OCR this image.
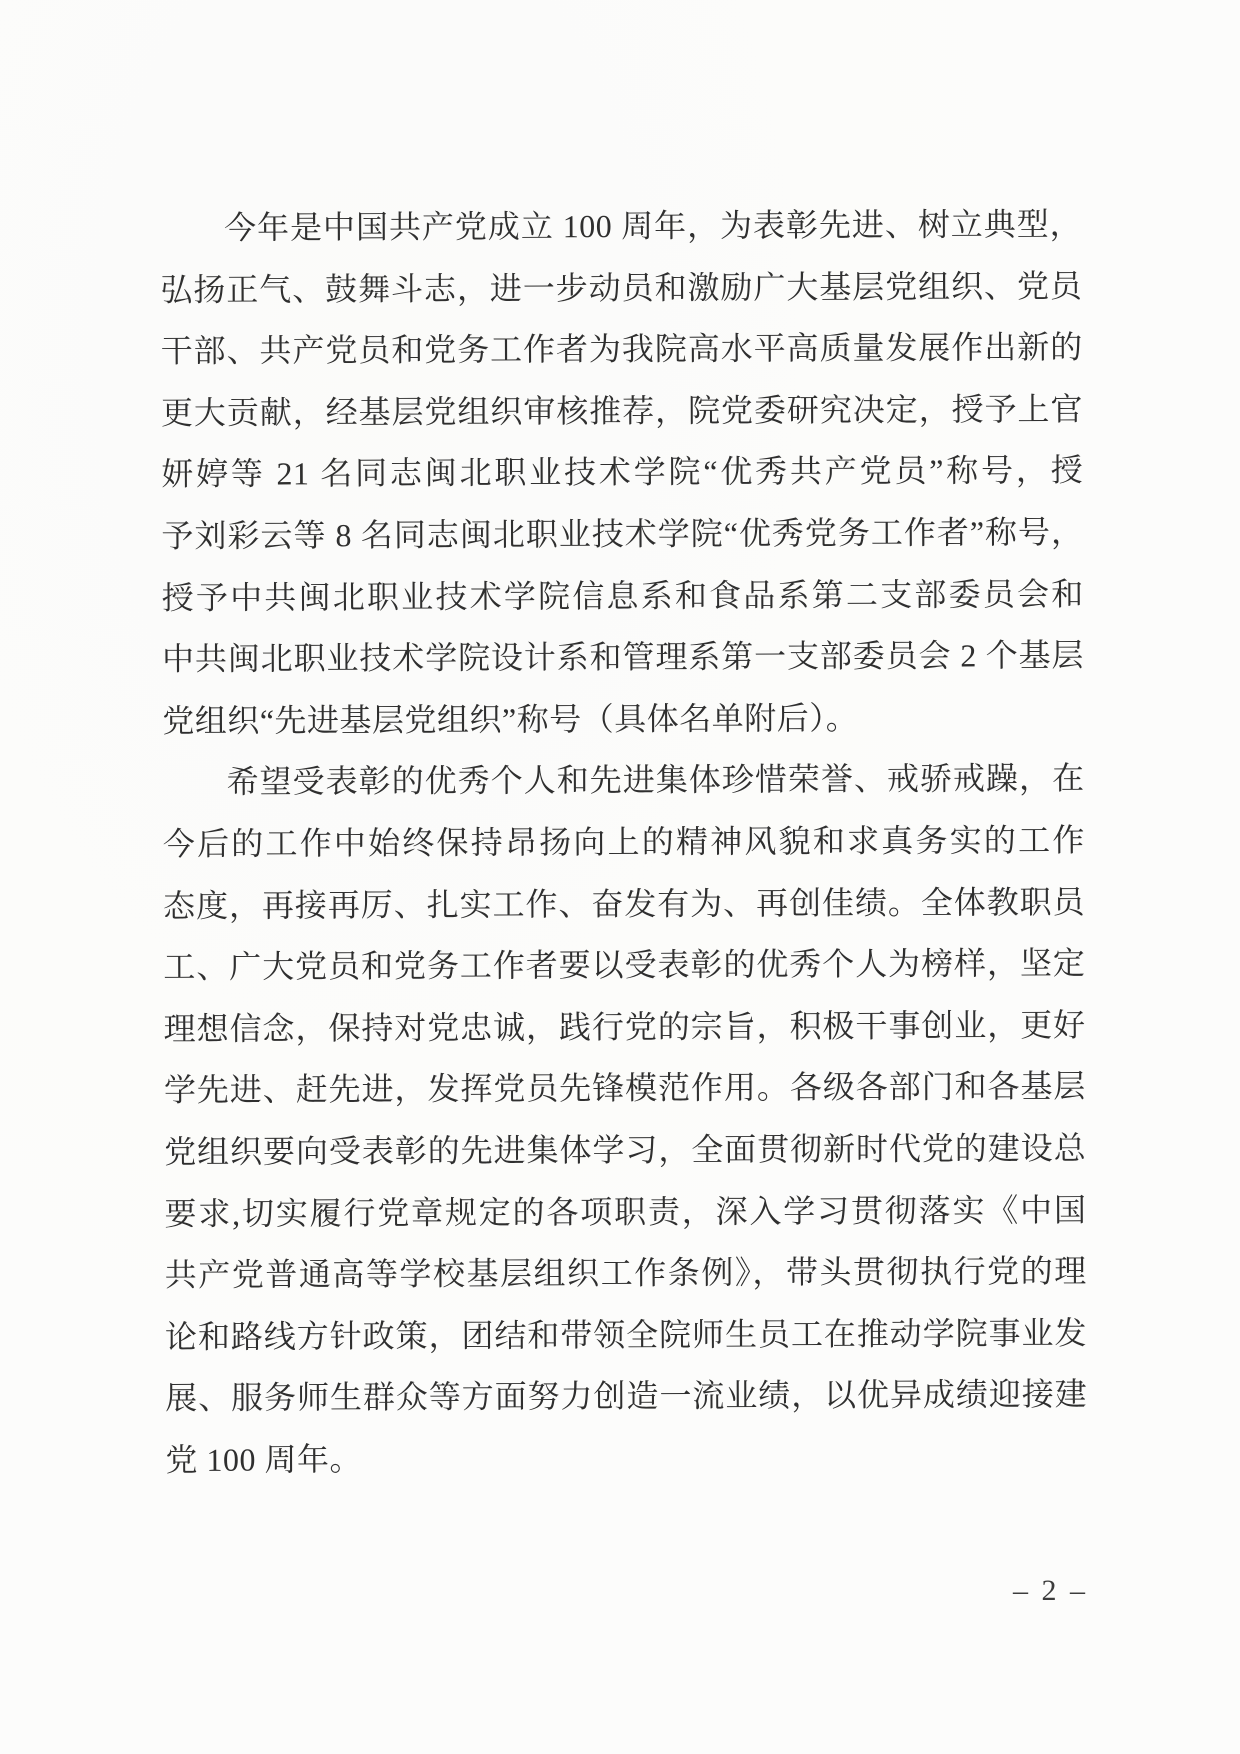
今年是中国共产党成立 100 周年，为表彰先进、树立典型，
弘扬正气、鼓舞斗志，进一步动员和激励广大基层党组织、党员
干部、共产党员和党务工作者为我院高水平高质量发展作出新的
更大贡献，经基层党组织审核推荐，院党委研究决定，授予上官
妍婷等 21 名同志闽北职业技术学院“优秀共产党员”称号，授
予刘彩云等 8 名同志闽北职业技术学院“优秀党务工作者”称号，
授予中共闽北职业技术学院信息系和食品系第二支部委员会和
中共闽北职业技术学院设计系和管理系第一支部委员会 2 个基层
党组织“先进基层党组织”称号（具体名单附后）。
希望受表彰的优秀个人和先进集体珍惜荣誉、戒骄戒躁，在
今后的工作中始终保持昂扬向上的精神风貌和求真务实的工作
态度，再接再厉、扎实工作、奋发有为、再创佳绩。全体教职员
工、广大党员和党务工作者要以受表彰的优秀个人为榜样，坚定
理想信念，保持对党忠诚，践行党的宗旨，积极干事创业，更好
学先进、赶先进，发挥党员先锋模范作用。各级各部门和各基层
党组织要向受表彰的先进集体学习，全面贯彻新时代党的建设总
要求,切实履行党章规定的各项职责，深入学习贯彻落实《中国
共产党普通高等学校基层组织工作条例》，带头贯彻执行党的理
论和路线方针政策，团结和带领全院师生员工在推动学院事业发
展、服务师生群众等方面努力创造一流业绩，以优异成绩迎接建
党 100 周年。
– 2 –
